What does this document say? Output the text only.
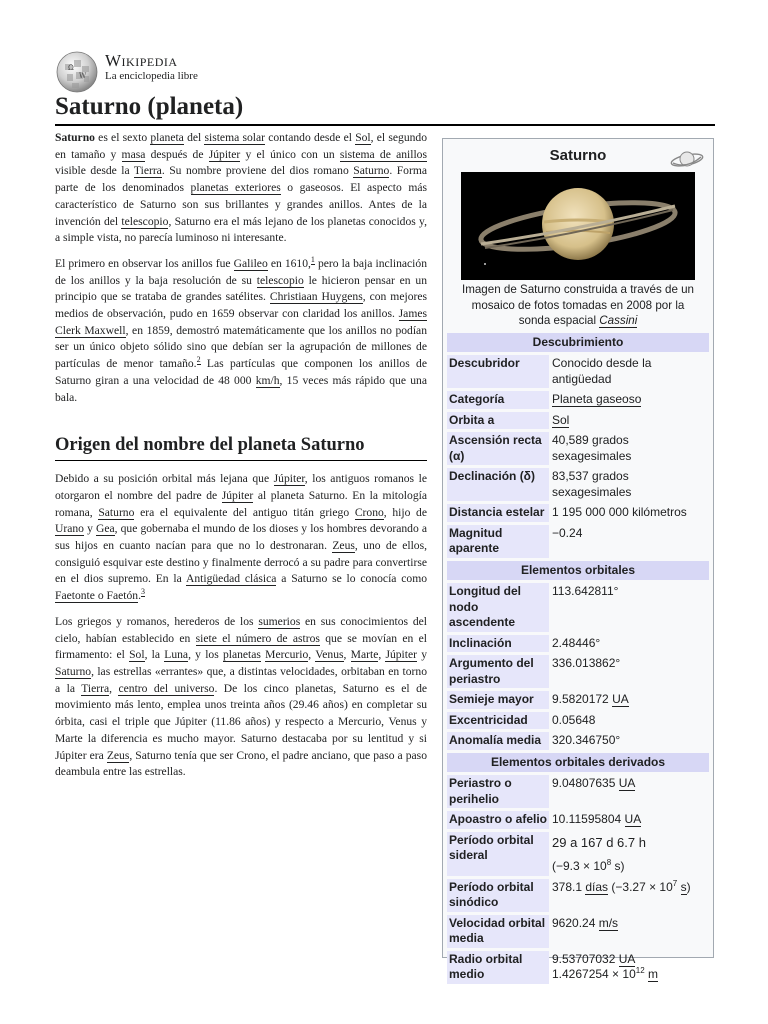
Ω
W
Wikipedia
La enciclopedia libre
Saturno (planeta)

Saturno es el sexto planeta del sistema solar contando desde el Sol, el segundo en tamaño y masa después de Júpiter y el único con un sistema de anillos visible desde la Tierra. Su nombre proviene del dios romano Saturno. Forma parte de los denominados planetas exteriores o gaseosos. El aspecto más característico de Saturno son sus brillantes y grandes anillos. Antes de la invención del telescopio, Saturno era el más lejano de los planetas conocidos y, a simple vista, no parecía luminoso ni interesante.

El primero en observar los anillos fue Galileo en 1610,$^1$ pero la baja inclinación de los anillos y la baja resolución de su telescopio le hicieron pensar en un principio que se trataba de grandes satélites. Christiaan Huygens, con mejores medios de observación, pudo en 1659 observar con claridad los anillos. James Clerk Maxwell, en 1859, demostró matemáticamente que los anillos no podían ser un único objeto sólido sino que debían ser la agrupación de millones de partículas de menor tamaño.$^2$ Las partículas que componen los anillos de Saturno giran a una velocidad de 48 000 km/h, 15 veces más rápido que una bala.

Origen del nombre del planeta Saturno

Debido a su posición orbital más lejana que Júpiter, los antiguos romanos le otorgaron el nombre del padre de Júpiter al planeta Saturno. En la mitología romana, Saturno era el equivalente del antiguo titán griego Crono, hijo de Urano y Gea, que gobernaba el mundo de los dioses y los hombres devorando a sus hijos en cuanto nacían para que no lo destronaran. Zeus, uno de ellos, consiguió esquivar este destino y finalmente derrocó a su padre para convertirse en el dios supremo. En la Antigüedad clásica a Saturno se lo conocía como Faetonte o Faetón.$^3$

Los griegos y romanos, herederos de los sumerios en sus conocimientos del cielo, habían establecido en siete el número de astros que se movían en el firmamento: el Sol, la Luna, y los planetas Mercurio, Venus, Marte, Júpiter y Saturno, las estrellas «errantes» que, a distintas velocidades, orbitaban en torno a la Tierra, centro del universo. De los cinco planetas, Saturno es el de movimiento más lento, emplea unos treinta años (29.46 años) en completar su órbita, casi el triple que Júpiter (11.86 años) y respecto a Mercurio, Venus y Marte la diferencia es mucho mayor. Saturno destacaba por su lentitud y si Júpiter era Zeus, Saturno tenía que ser Crono, el padre anciano, que paso a paso deambula entre las estrellas.

Saturno
Imagen de Saturno construida a través de un mosaico de fotos tomadas en 2008 por la sonda espacial Cassini
Descubrimiento	
Descubridor	Conocido desde la antigüedad
Categoría	Planeta gaseoso
Orbita a	Sol
Ascensión recta (α)	40,589 grados sexagesimales
Declinación (δ)	83,537 grados sexagesimales
Distancia estelar	1 195 000 000 kilómetros
Magnitud aparente	−0.24
Elementos orbitales	
Longitud del nodo ascendente	113.642811°
Inclinación	2.48446°
Argumento del periastro	336.013862°
Semieje mayor	9.5820172 UA
Excentricidad	0.05648
Anomalía media	320.346750°
Elementos orbitales derivados	
Periastro o perihelio	9.04807635 UA
Apoastro o afelio	10.11595804 UA
Período orbital sideral	29 a 167 d 6.7 h
($-9.3 \times 10^8$ s)

Período orbital sinódico	378.1 días ($-3.27 \times 10^7$ s)
Velocidad orbital media	9620.24 m/s
Radio orbital medio	9.53707032 UA
$1.4267254 \times 10^{12}$ m
